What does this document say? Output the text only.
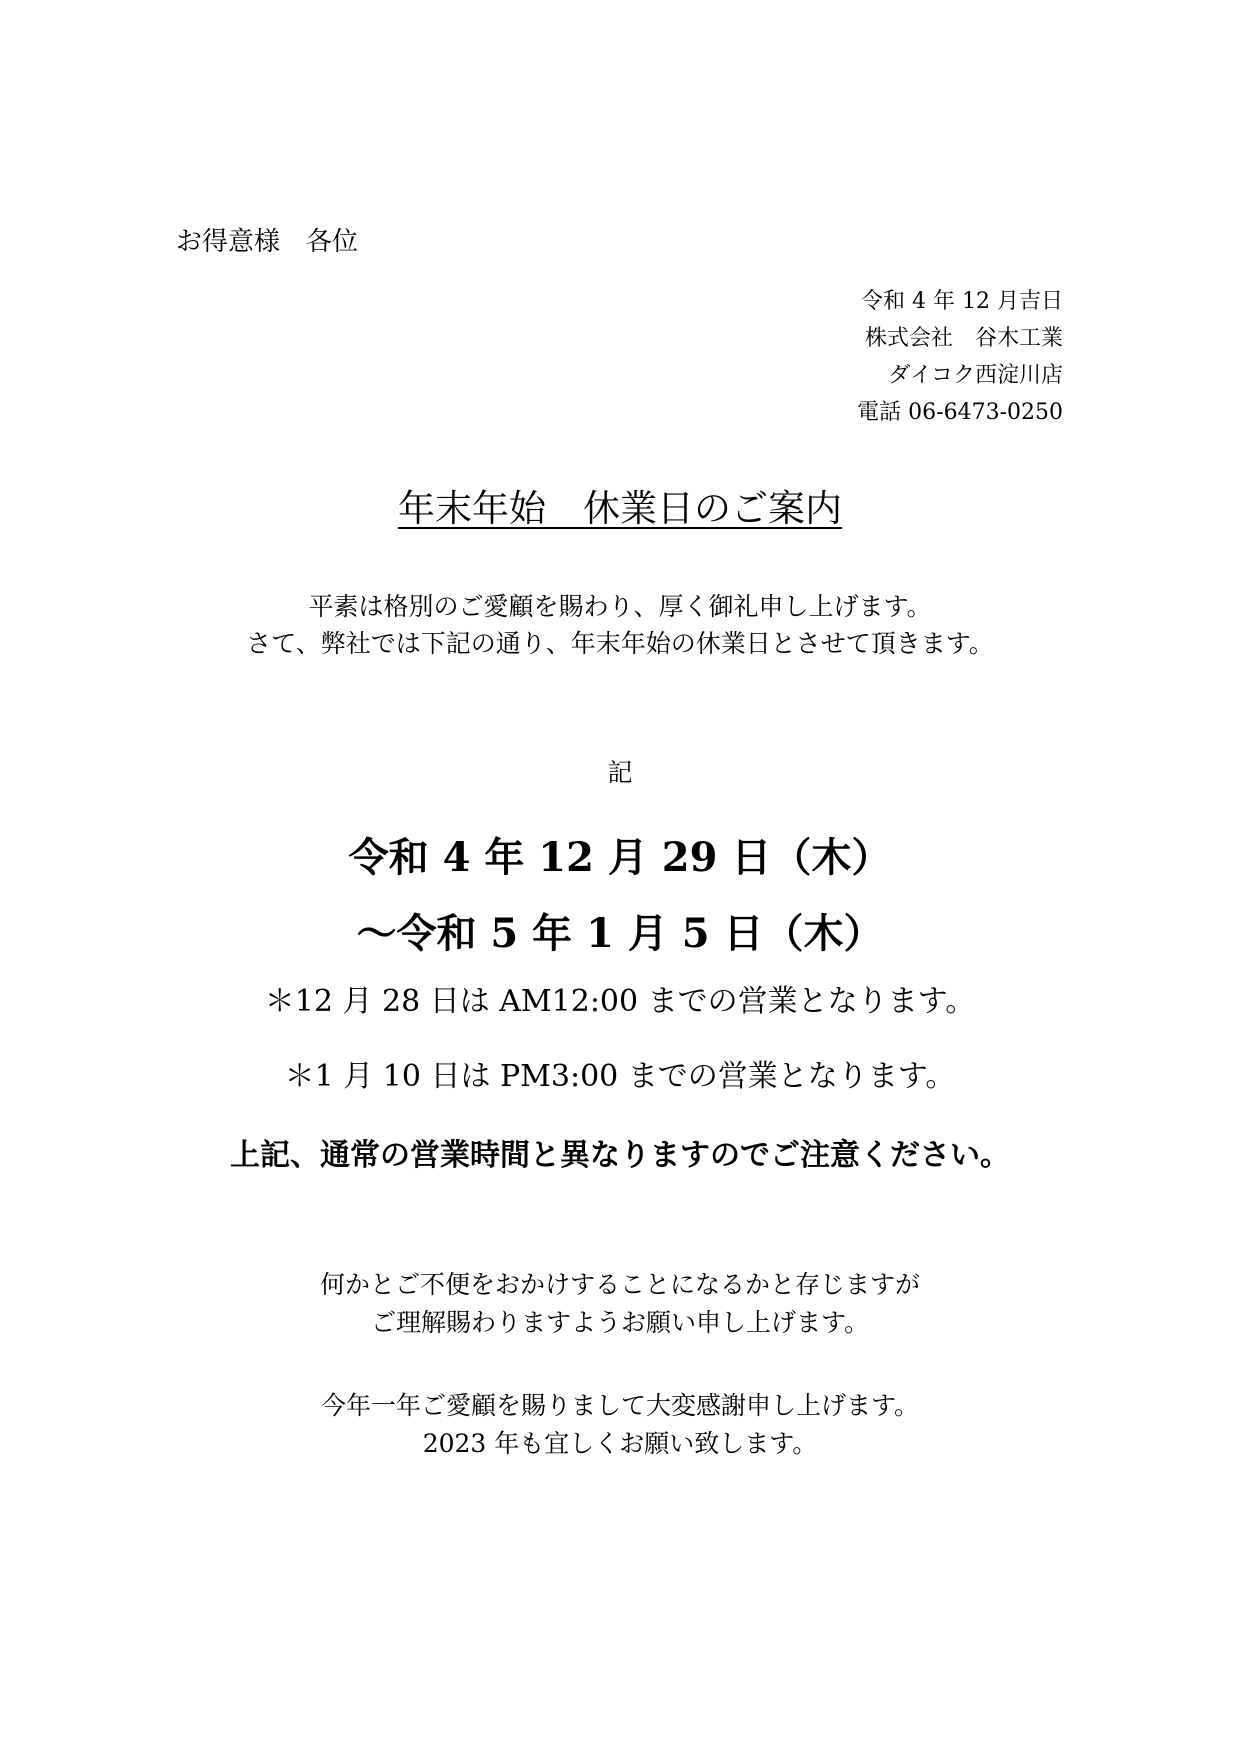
お得意様　各位
令和 4 年 12 月吉日
株式会社　谷木工業
ダイコク西淀川店
電話 06-6473-0250
年末年始　休業日のご案内
平素は格別のご愛顧を賜わり、厚く御礼申し上げます。
さて、弊社では下記の通り、年末年始の休業日とさせて頂きます。
記
令和 4 年 12 月 29 日（木）
～令和 5 年 1 月 5 日（木）
＊12 月 28 日は AM12:00 までの営業となります。
＊1 月 10 日は PM3:00 までの営業となります。
上記、通常の営業時間と異なりますのでご注意ください。
何かとご不便をおかけすることになるかと存じますが
ご理解賜わりますようお願い申し上げます。
今年一年ご愛顧を賜りまして大変感謝申し上げます。
2023 年も宜しくお願い致します。
